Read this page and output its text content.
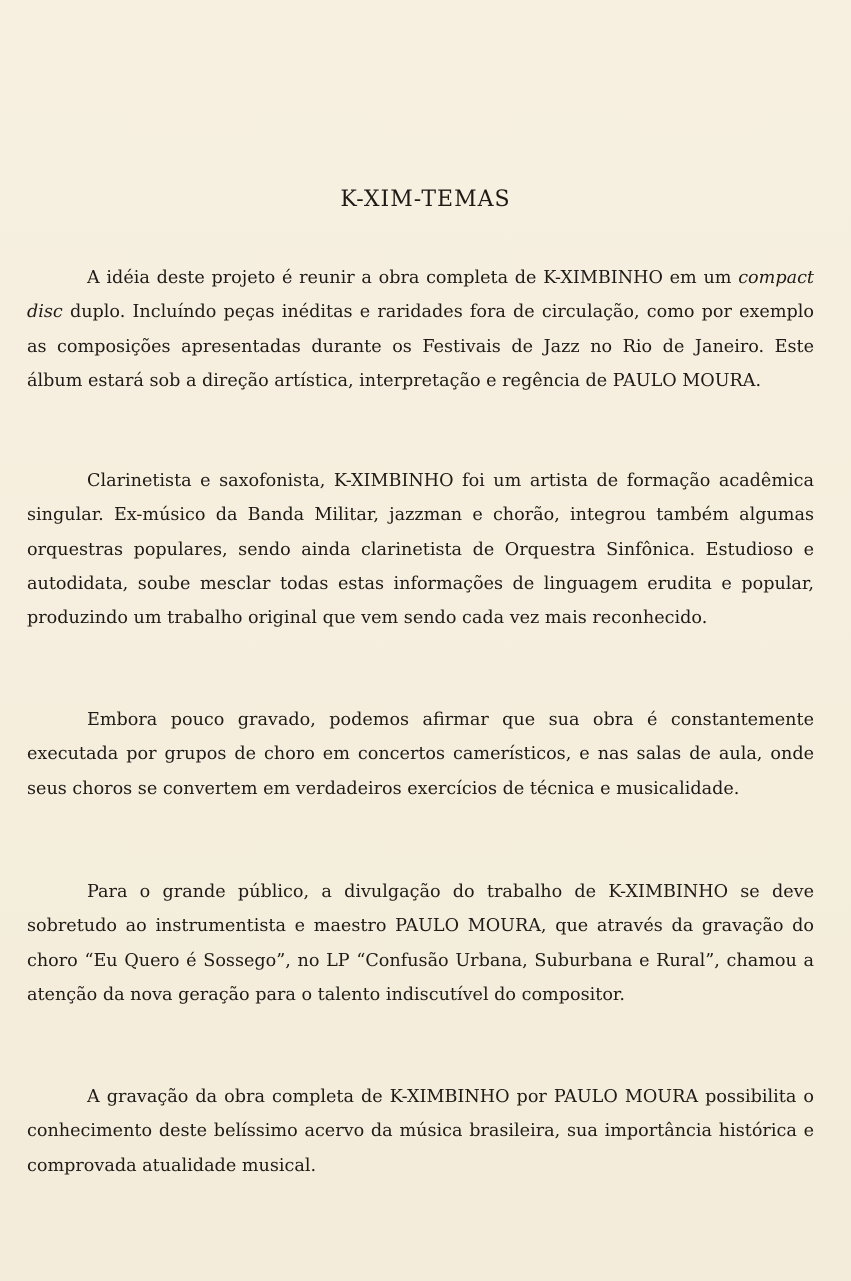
K-XIM-TEMAS

A idéia deste projeto é reunir a obra completa de K-XIMBINHO em um compact disc duplo. Incluíndo peças inéditas e raridades fora de circulação, como por exemplo as composições apresentadas durante os Festivais de Jazz no Rio de Janeiro. Este álbum estará sob a direção artística, interpretação e regência de PAULO MOURA.

Clarinetista e saxofonista, K-XIMBINHO foi um artista de formação acadêmica singular. Ex-músico da Banda Militar, jazzman e chorão, integrou também algumas orquestras populares, sendo ainda clarinetista de Orquestra Sinfônica. Estudioso e autodidata, soube mesclar todas estas informações de linguagem erudita e popular, produzindo um trabalho original que vem sendo cada vez mais reconhecido.

Embora pouco gravado, podemos afirmar que sua obra é constantemente executada por grupos de choro em concertos camerísticos, e nas salas de aula, onde seus choros se convertem em verdadeiros exercícios de técnica e musicalidade.

Para o grande público, a divulgação do trabalho de K-XIMBINHO se deve sobretudo ao instrumentista e maestro PAULO MOURA, que através da gravação do choro “Eu Quero é Sossego”, no LP “Confusão Urbana, Suburbana e Rural”, chamou a atenção da nova geração para o talento indiscutível do compositor.

A gravação da obra completa de K-XIMBINHO por PAULO MOURA possibilita o conhecimento deste belíssimo acervo da música brasileira, sua importância histórica e comprovada atualidade musical.
